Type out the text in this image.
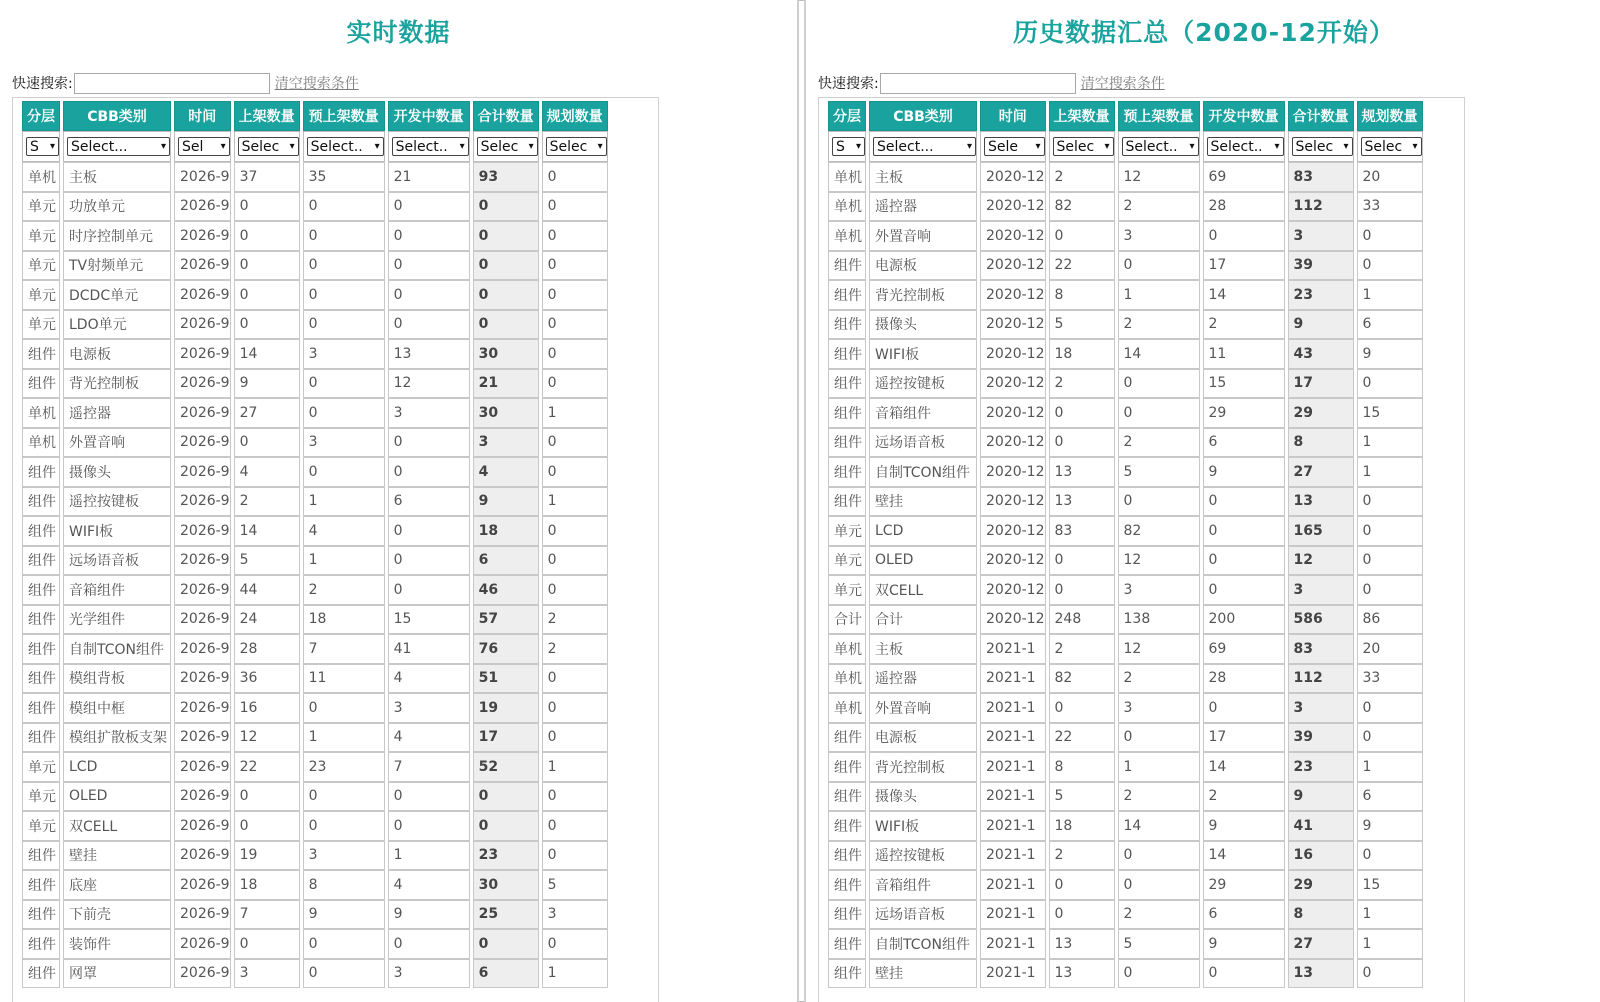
实时数据
快速搜索:	清空搜索条件
分层	CBB类别	时间	上架数量	预上架数量	开发中数量	合计数量	规划数量

S ▾	Select... ▾	Sel ▾	Selec ▾	Select.. ▾	Select.. ▾	Selec ▾	Selec ▾

单机	主板	2026-9	37	35	21	93	0
单元	功放单元	2026-9	0	0	0	0	0
单元	时序控制单元	2026-9	0	0	0	0	0
单元	TV射频单元	2026-9	0	0	0	0	0
单元	DCDC单元	2026-9	0	0	0	0	0
单元	LDO单元	2026-9	0	0	0	0	0
组件	电源板	2026-9	14	3	13	30	0
组件	背光控制板	2026-9	9	0	12	21	0
单机	遥控器	2026-9	27	0	3	30	1
单机	外置音响	2026-9	0	3	0	3	0
组件	摄像头	2026-9	4	0	0	4	0
组件	遥控按键板	2026-9	2	1	6	9	1
组件	WIFI板	2026-9	14	4	0	18	0
组件	远场语音板	2026-9	5	1	0	6	0
组件	音箱组件	2026-9	44	2	0	46	0
组件	光学组件	2026-9	24	18	15	57	2
组件	自制TCON组件	2026-9	28	7	41	76	2
组件	模组背板	2026-9	36	11	4	51	0
组件	模组中框	2026-9	16	0	3	19	0
组件	模组扩散板支架	2026-9	12	1	4	17	0
单元	LCD	2026-9	22	23	7	52	1
单元	OLED	2026-9	0	0	0	0	0
单元	双CELL	2026-9	0	0	0	0	0
组件	壁挂	2026-9	19	3	1	23	0
组件	底座	2026-9	18	8	4	30	5
组件	下前壳	2026-9	7	9	9	25	3
组件	装饰件	2026-9	0	0	0	0	0
组件	网罩	2026-9	3	0	3	6	1
历史数据汇总（2020-12开始）
快速搜索:	清空搜索条件
分层	CBB类别	时间	上架数量	预上架数量	开发中数量	合计数量	规划数量

S ▾	Select... ▾	Sele ▾	Selec ▾	Select.. ▾	Select.. ▾	Selec ▾	Selec ▾

单机	主板	2020-12	2	12	69	83	20
单机	遥控器	2020-12	82	2	28	112	33
单机	外置音响	2020-12	0	3	0	3	0
组件	电源板	2020-12	22	0	17	39	0
组件	背光控制板	2020-12	8	1	14	23	1
组件	摄像头	2020-12	5	2	2	9	6
组件	WIFI板	2020-12	18	14	11	43	9
组件	遥控按键板	2020-12	2	0	15	17	0
组件	音箱组件	2020-12	0	0	29	29	15
组件	远场语音板	2020-12	0	2	6	8	1
组件	自制TCON组件	2020-12	13	5	9	27	1
组件	壁挂	2020-12	13	0	0	13	0
单元	LCD	2020-12	83	82	0	165	0
单元	OLED	2020-12	0	12	0	12	0
单元	双CELL	2020-12	0	3	0	3	0
合计	合计	2020-12	248	138	200	586	86
单机	主板	2021-1	2	12	69	83	20
单机	遥控器	2021-1	82	2	28	112	33
单机	外置音响	2021-1	0	3	0	3	0
组件	电源板	2021-1	22	0	17	39	0
组件	背光控制板	2021-1	8	1	14	23	1
组件	摄像头	2021-1	5	2	2	9	6
组件	WIFI板	2021-1	18	14	9	41	9
组件	遥控按键板	2021-1	2	0	14	16	0
组件	音箱组件	2021-1	0	0	29	29	15
组件	远场语音板	2021-1	0	2	6	8	1
组件	自制TCON组件	2021-1	13	5	9	27	1
组件	壁挂	2021-1	13	0	0	13	0
